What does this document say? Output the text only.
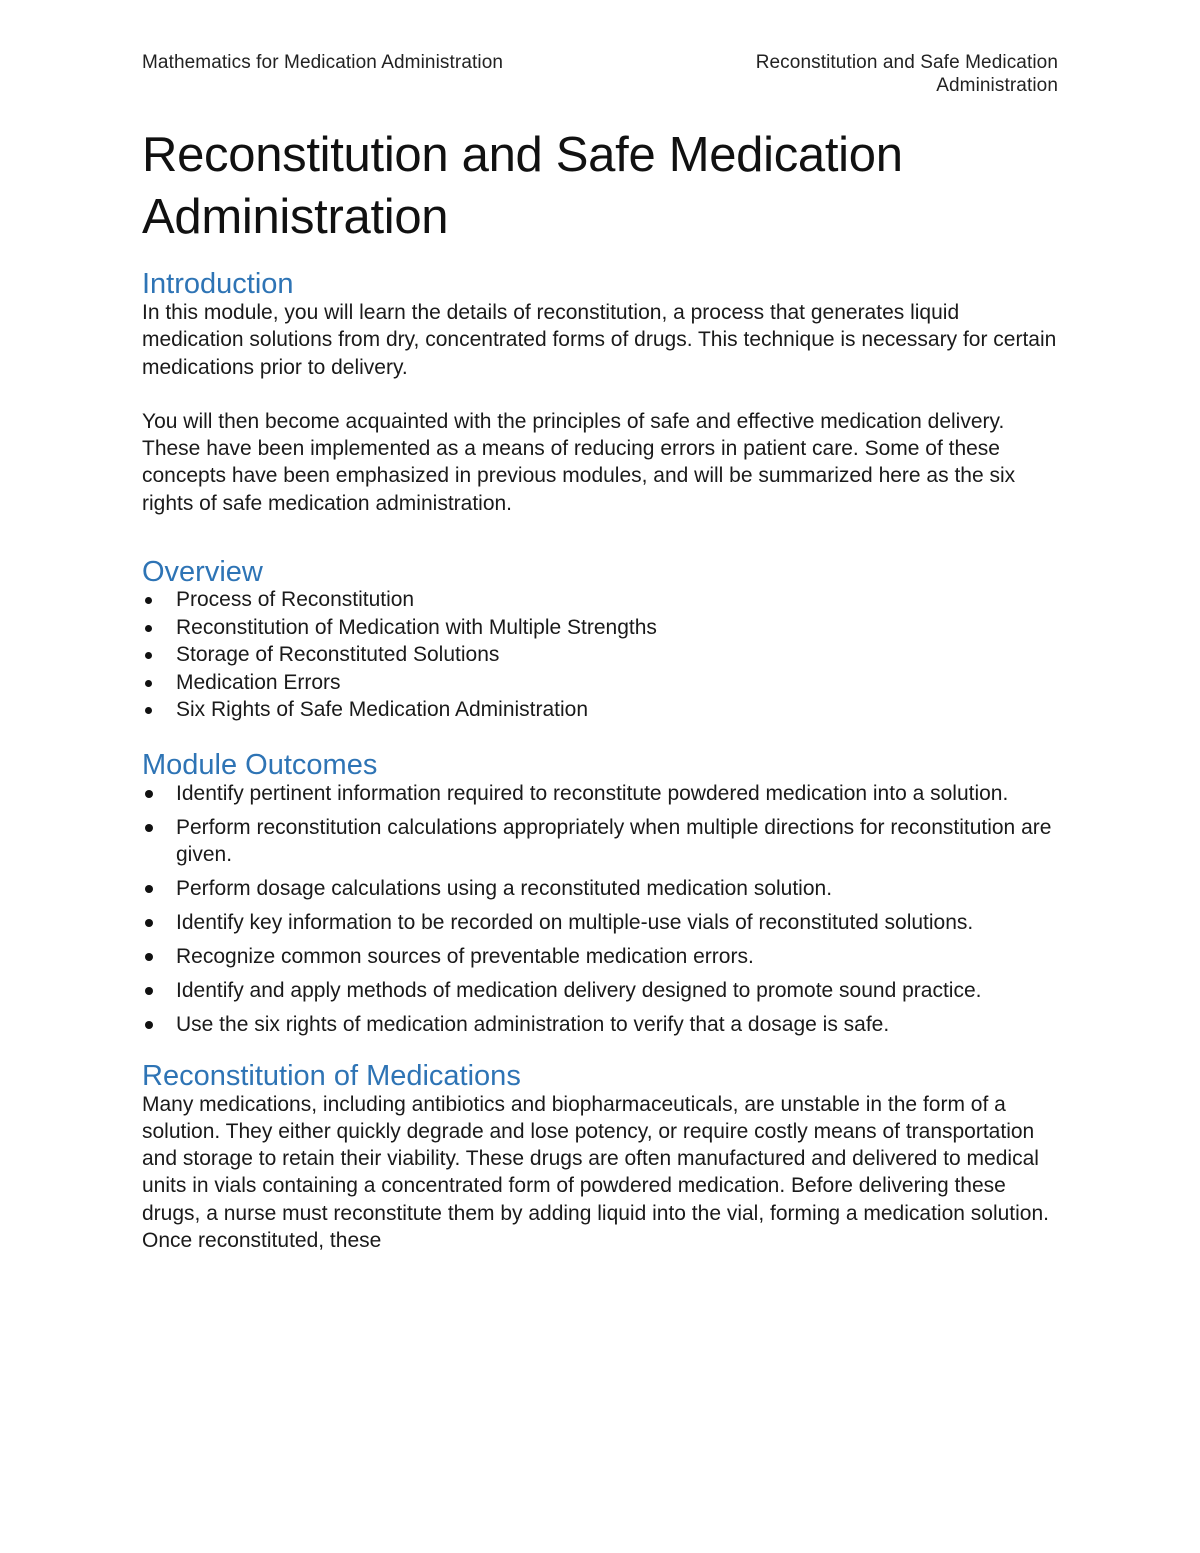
Mathematics for Medication Administration	Reconstitution and Safe Medication Administration
Reconstitution and Safe Medication Administration
Introduction

In this module, you will learn the details of reconstitution, a process that generates liquid medication solutions from dry, concentrated forms of drugs. This technique is necessary for certain medications prior to delivery.

You will then become acquainted with the principles of safe and effective medication delivery. These have been implemented as a means of reducing errors in patient care. Some of these concepts have been emphasized in previous modules, and will be summarized here as the six rights of safe medication administration.

Overview
Process of Reconstitution
Reconstitution of Medication with Multiple Strengths
Storage of Reconstituted Solutions
Medication Errors
Six Rights of Safe Medication Administration
Module Outcomes
Identify pertinent information required to reconstitute powdered medication into a solution.
Perform reconstitution calculations appropriately when multiple directions for reconstitution are given.
Perform dosage calculations using a reconstituted medication solution.
Identify key information to be recorded on multiple-use vials of reconstituted solutions.
Recognize common sources of preventable medication errors.
Identify and apply methods of medication delivery designed to promote sound practice.
Use the six rights of medication administration to verify that a dosage is safe.
Reconstitution of Medications

Many medications, including antibiotics and biopharmaceuticals, are unstable in the form of a solution. They either quickly degrade and lose potency, or require costly means of transportation and storage to retain their viability. These drugs are often manufactured and delivered to medical units in vials containing a concentrated form of powdered medication. Before delivering these drugs, a nurse must reconstitute them by adding liquid into the vial, forming a medication solution. Once reconstituted, these
